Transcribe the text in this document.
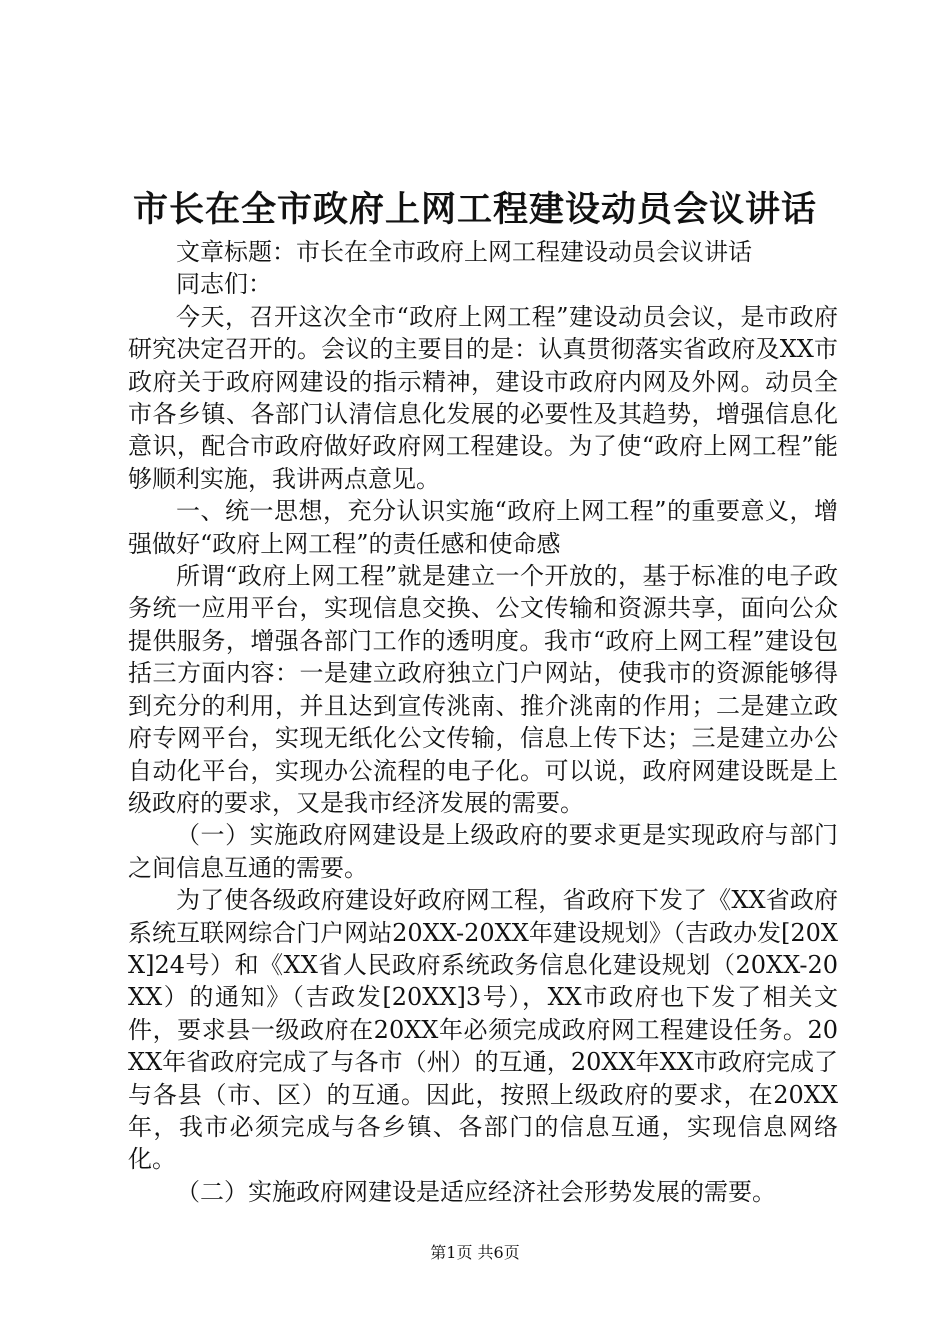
市长在全市政府上网工程建设动员会议讲话

文章标题：市长在全市政府上网工程建设动员会议讲话

同志们：

今天，召开这次全市“政府上网工程”建设动员会议，是市政府研究决定召开的。会议的主要目的是：认真贯彻落实省政府及XX市政府关于政府网建设的指示精神，建设市政府内网及外网。动员全市各乡镇、各部门认清信息化发展的必要性及其趋势，增强信息化意识，配合市政府做好政府网工程建设。为了使“政府上网工程”能够顺利实施，我讲两点意见。

一、统一思想，充分认识实施“政府上网工程”的重要意义，增强做好“政府上网工程”的责任感和使命感

所谓“政府上网工程”就是建立一个开放的，基于标准的电子政务统一应用平台，实现信息交换、公文传输和资源共享，面向公众提供服务，增强各部门工作的透明度。我市“政府上网工程”建设包括三方面内容：一是建立政府独立门户网站，使我市的资源能够得到充分的利用，并且达到宣传洮南、推介洮南的作用；二是建立政府专网平台，实现无纸化公文传输，信息上传下达；三是建立办公自动化平台，实现办公流程的电子化。可以说，政府网建设既是上级政府的要求，又是我市经济发展的需要。

（一）实施政府网建设是上级政府的要求更是实现政府与部门之间信息互通的需要。

为了使各级政府建设好政府网工程，省政府下发了《XX省政府系统互联网综合门户网站20XX-20XX年建设规划》（吉政办发[20XX]24号）和《XX省人民政府系统政务信息化建设规划（20XX-20XX）的通知》（吉政发[20XX]3号），XX市政府也下发了相关文件，要求县一级政府在20XX年必须完成政府网工程建设任务。20XX年省政府完成了与各市（州）的互通，20XX年XX市政府完成了与各县（市、区）的互通。因此，按照上级政府的要求，在20XX年，我市必须完成与各乡镇、各部门的信息互通，实现信息网络化。

（二）实施政府网建设是适应经济社会形势发展的需要。

第1页 共6页
